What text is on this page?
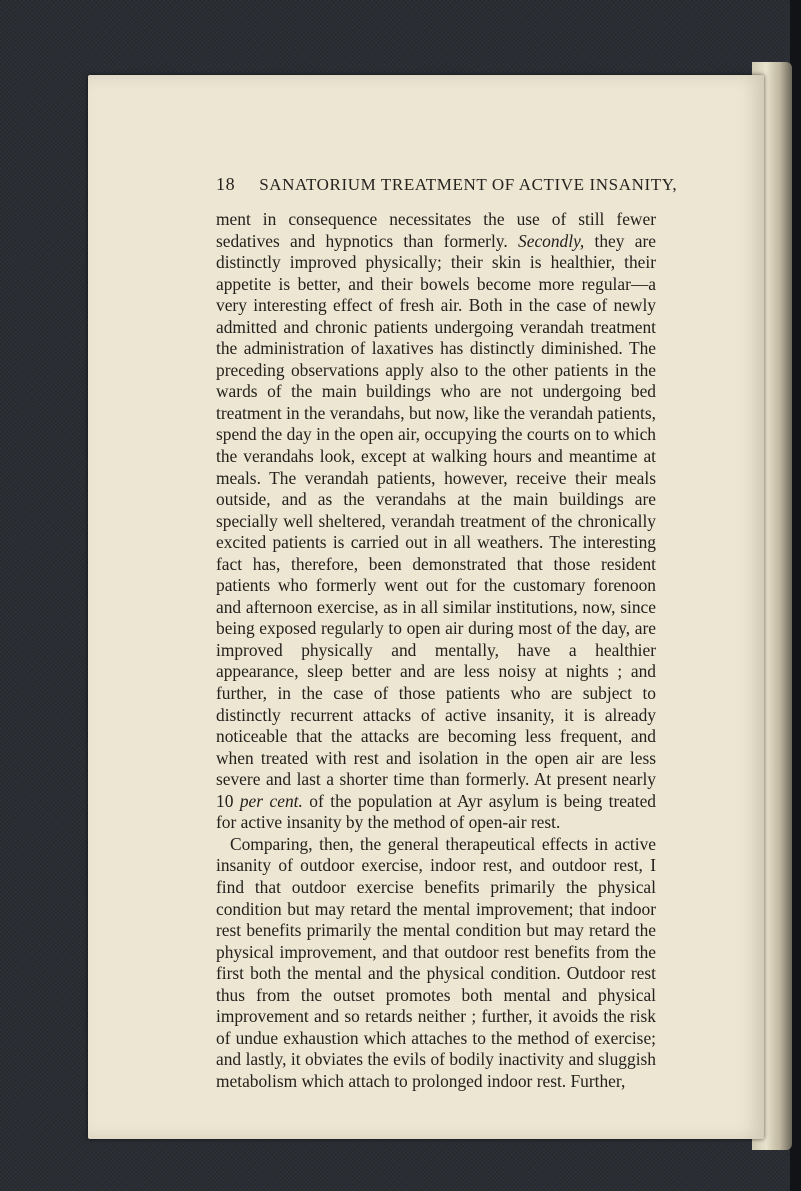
18 SANATORIUM TREATMENT OF ACTIVE INSANITY,

ment in consequence necessitates the use of still fewer sedatives and hypnotics than formerly. Secondly, they are distinctly improved physically; their skin is healthier, their appetite is better, and their bowels become more regular—a very interesting effect of fresh air. Both in the case of newly admitted and chronic patients undergoing verandah treatment the administration of laxatives has distinctly diminished. The preceding observations apply also to the other patients in the wards of the main buildings who are not undergoing bed treatment in the verandahs, but now, like the verandah patients, spend the day in the open air, occupying the courts on to which the verandahs look, except at walking hours and meantime at meals. The verandah patients, however, receive their meals outside, and as the verandahs at the main buildings are specially well sheltered, verandah treatment of the chronically excited patients is carried out in all weathers. The interesting fact has, therefore, been demonstrated that those resident patients who formerly went out for the customary forenoon and afternoon exercise, as in all similar institutions, now, since being exposed regularly to open air during most of the day, are improved physically and mentally, have a healthier appearance, sleep better and are less noisy at nights ; and further, in the case of those patients who are subject to distinctly recurrent attacks of active insanity, it is already noticeable that the attacks are becoming less frequent, and when treated with rest and isolation in the open air are less severe and last a shorter time than formerly. At present nearly 10 per cent. of the population at Ayr asylum is being treated for active insanity by the method of open-air rest.

Comparing, then, the general therapeutical effects in active insanity of outdoor exercise, indoor rest, and outdoor rest, I find that outdoor exercise benefits primarily the physical condition but may retard the mental improvement; that indoor rest benefits primarily the mental condition but may retard the physical improvement, and that outdoor rest benefits from the first both the mental and the physical condition. Outdoor rest thus from the outset promotes both mental and physical improvement and so retards neither ; further, it avoids the risk of undue exhaustion which attaches to the method of exercise; and lastly, it obviates the evils of bodily inactivity and sluggish metabolism which attach to prolonged indoor rest. Further,
